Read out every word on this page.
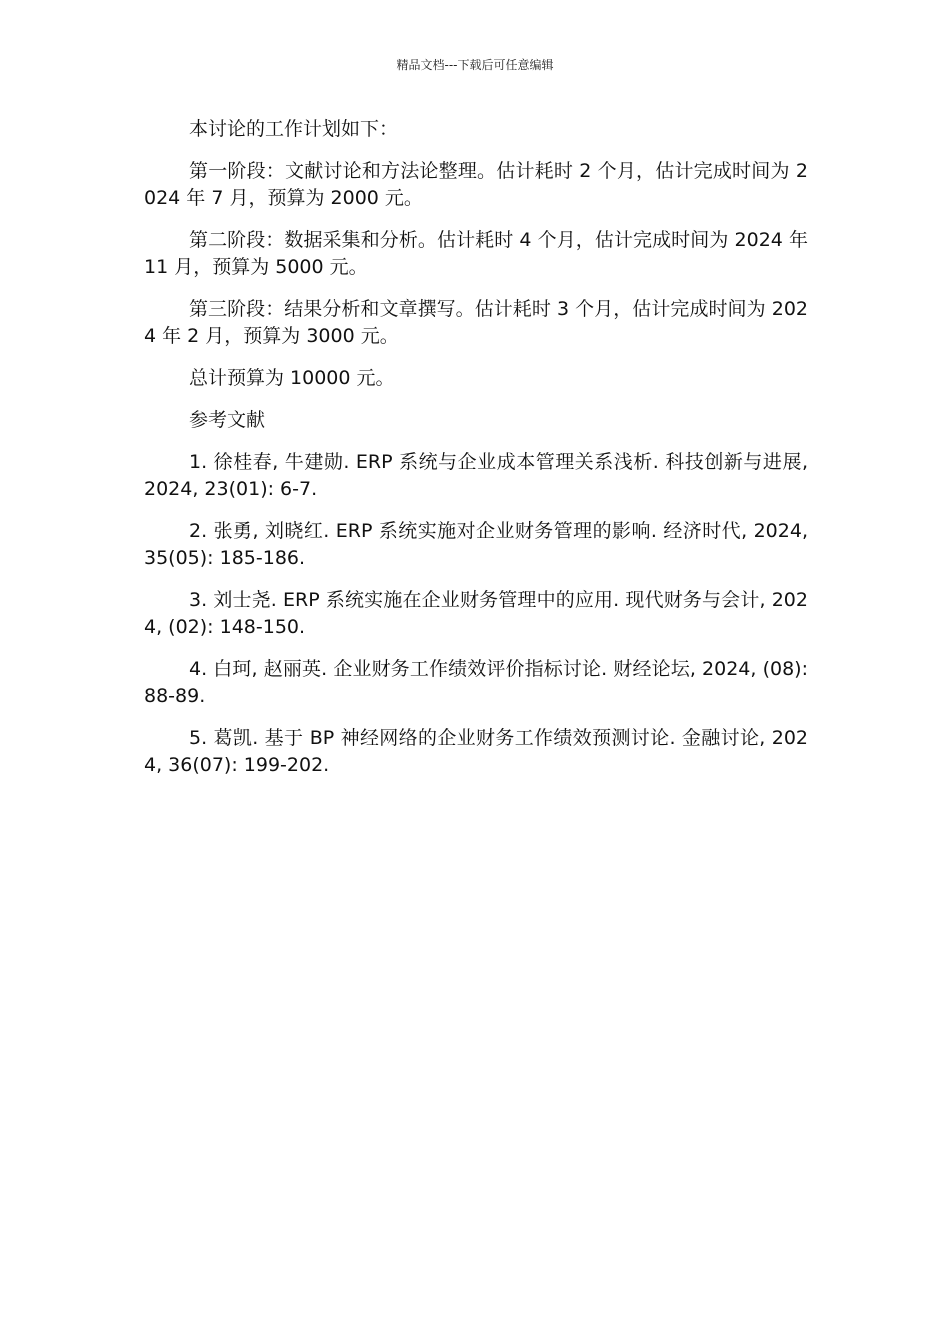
精品文档---下载后可任意编辑

本讨论的工作计划如下：

第一阶段：文献讨论和方法论整理。估计耗时 2 个月，估计完成时间为 2024 年 7 月，预算为 2000 元。

第二阶段：数据采集和分析。估计耗时 4 个月，估计完成时间为 2024 年 11 月，预算为 5000 元。

第三阶段：结果分析和文章撰写。估计耗时 3 个月，估计完成时间为 2024 年 2 月，预算为 3000 元。

总计预算为 10000 元。

参考文献

1. 徐桂春, 牛建勋. ERP 系统与企业成本管理关系浅析. 科技创新与进展, 2024, 23(01): 6-7.

2. 张勇, 刘晓红. ERP 系统实施对企业财务管理的影响. 经济时代, 2024, 35(05): 185-186.

3. 刘士尧. ERP 系统实施在企业财务管理中的应用. 现代财务与会计, 2024, (02): 148-150.

4. 白珂, 赵丽英. 企业财务工作绩效评价指标讨论. 财经论坛, 2024, (08): 88-89.

5. 葛凯. 基于 BP 神经网络的企业财务工作绩效预测讨论. 金融讨论, 2024, 36(07): 199-202.
